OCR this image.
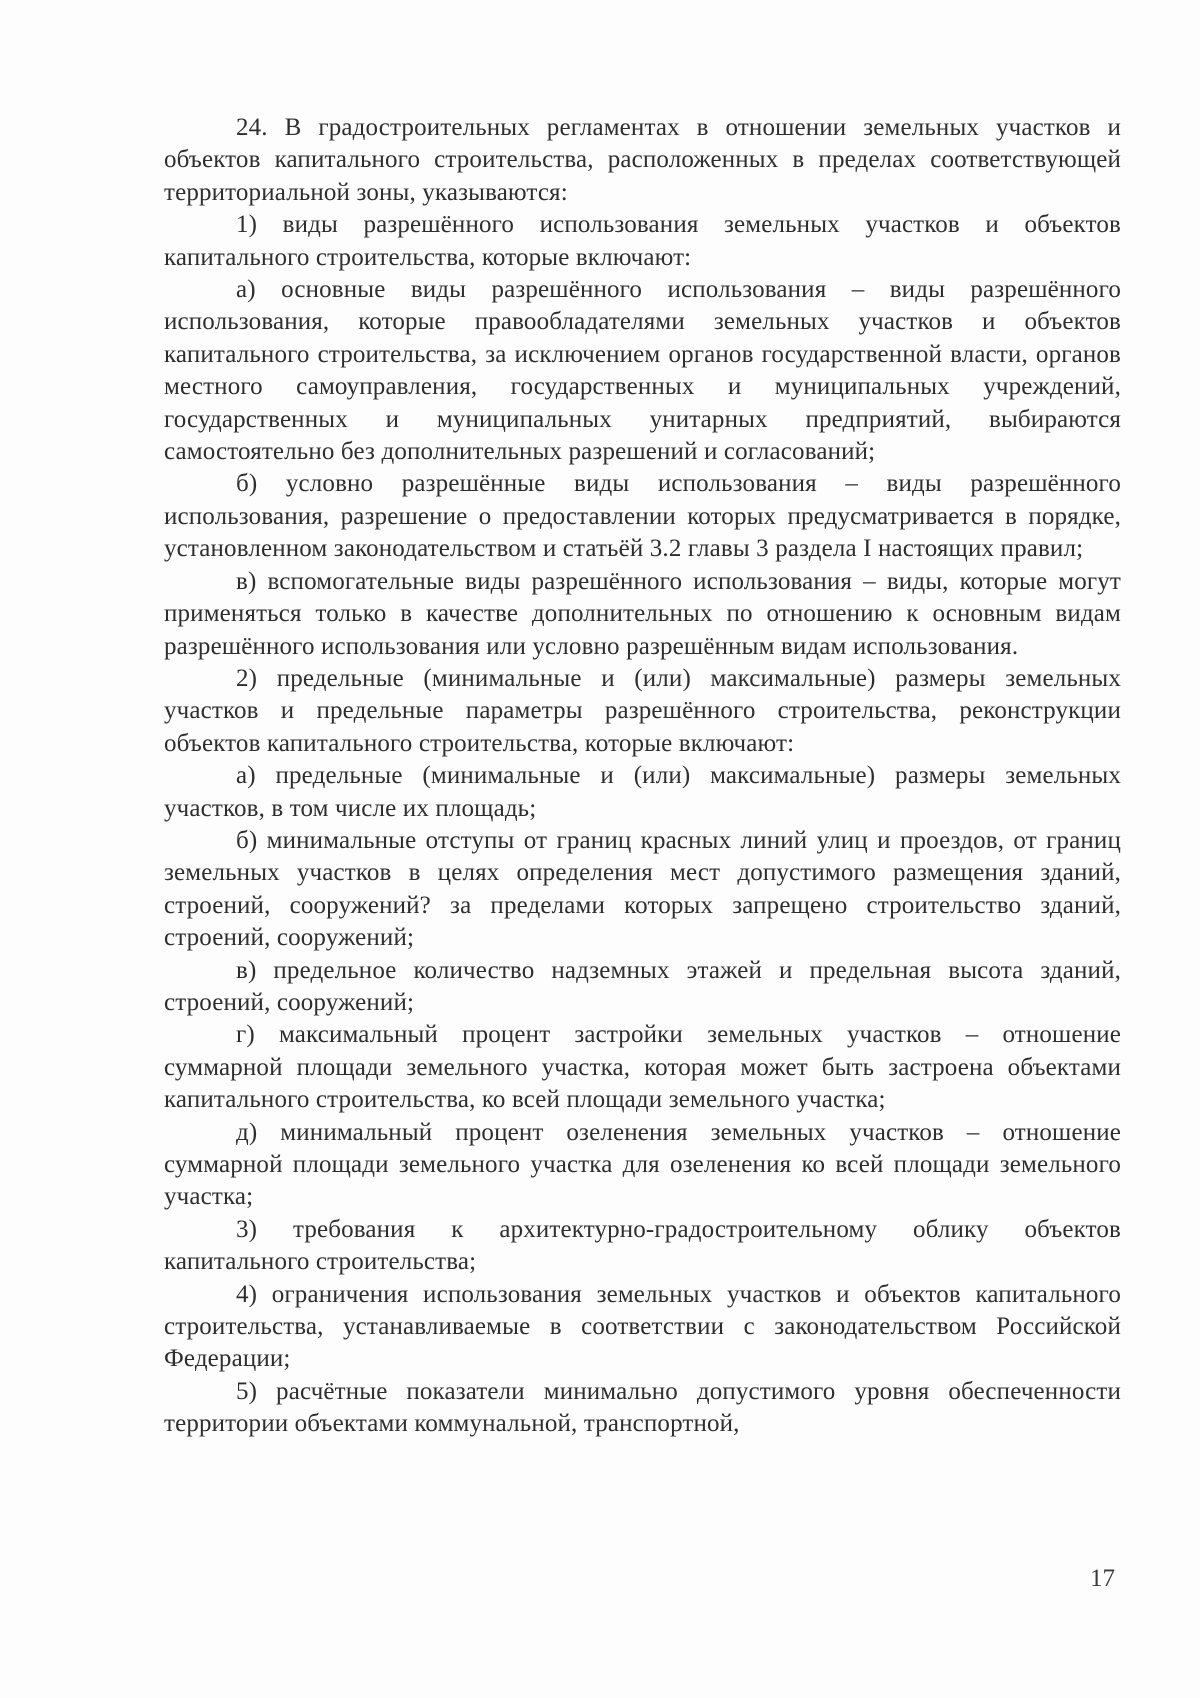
24. В градостроительных регламентах в отношении земельных участков и объектов капитального строительства, расположенных в пределах соответствующей территориальной зоны, указываются:

1) виды разрешённого использования земельных участков и объектов капитального строительства, которые включают:

а) основные виды разрешённого использования – виды разрешённого использования, которые правообладателями земельных участков и объектов капитального строительства, за исключением органов государственной власти, органов местного самоуправления, государственных и муниципальных учреждений, государственных и муниципальных унитарных предприятий, выбираются самостоятельно без дополнительных разрешений и согласований;

б) условно разрешённые виды использования – виды разрешённого использования, разрешение о предоставлении которых предусматривается в порядке, установленном законодательством и статьёй 3.2 главы 3 раздела I настоящих правил;

в) вспомогательные виды разрешённого использования – виды, которые могут применяться только в качестве дополнительных по отношению к основным видам разрешённого использования или условно разрешённым видам использования.

2) предельные (минимальные и (или) максимальные) размеры земельных участков и предельные параметры разрешённого строительства, реконструкции объектов капитального строительства, которые включают:

а) предельные (минимальные и (или) максимальные) размеры земельных участков, в том числе их площадь;

б) минимальные отступы от границ красных линий улиц и проездов, от границ земельных участков в целях определения мест допустимого размещения зданий, строений, сооружений? за пределами которых запрещено строительство зданий, строений, сооружений;

в) предельное количество надземных этажей и предельная высота зданий, строений, сооружений;

г) максимальный процент застройки земельных участков – отношение суммарной площади земельного участка, которая может быть застроена объектами капитального строительства, ко всей площади земельного участка;

д) минимальный процент озеленения земельных участков – отношение суммарной площади земельного участка для озеленения ко всей площади земельного участка;

3) требования к архитектурно-градостроительному облику объектов капитального строительства;

4) ограничения использования земельных участков и объектов капитального строительства, устанавливаемые в соответствии с законодательством Российской Федерации;

5) расчётные показатели минимально допустимого уровня обеспеченности территории объектами коммунальной, транспортной,

17
